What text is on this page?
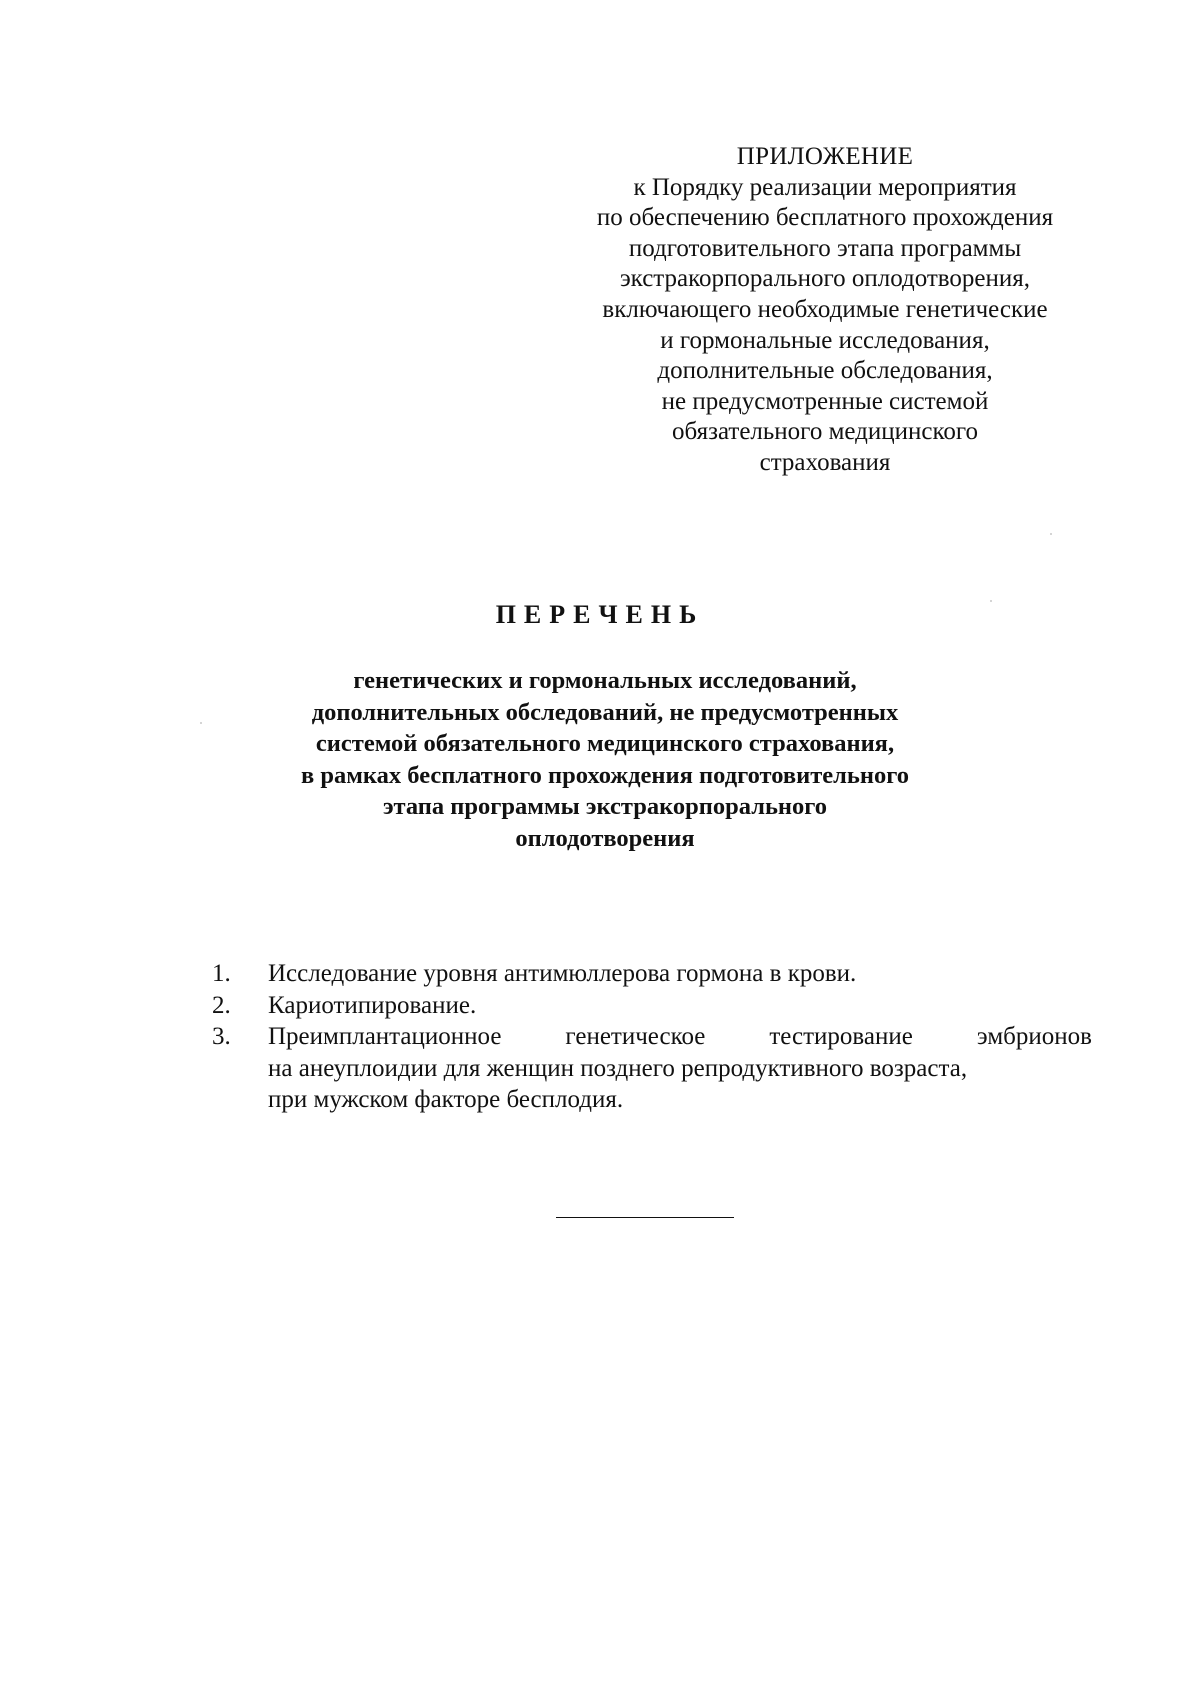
ПРИЛОЖЕНИЕ
к Порядку реализации мероприятия
по обеспечению бесплатного прохождения
подготовительного этапа программы
экстракорпорального оплодотворения,
включающего необходимые генетические
и гормональные исследования,
дополнительные обследования,
не предусмотренные системой
обязательного медицинского
страхования
ПЕРЕЧЕНЬ
генетических и гормональных исследований,
дополнительных обследований, не предусмотренных
системой обязательного медицинского страхования,
в рамках бесплатного прохождения подготовительного
этапа программы экстракорпорального
оплодотворения
1.	Исследование уровня антимюллерова гормона в крови.
2.	Кариотипирование.
3.	Преимплантационное	генетическое	тестирование	эмбрионов
на анеуплоидии для женщин позднего репродуктивного возраста,
при мужском факторе бесплодия.
